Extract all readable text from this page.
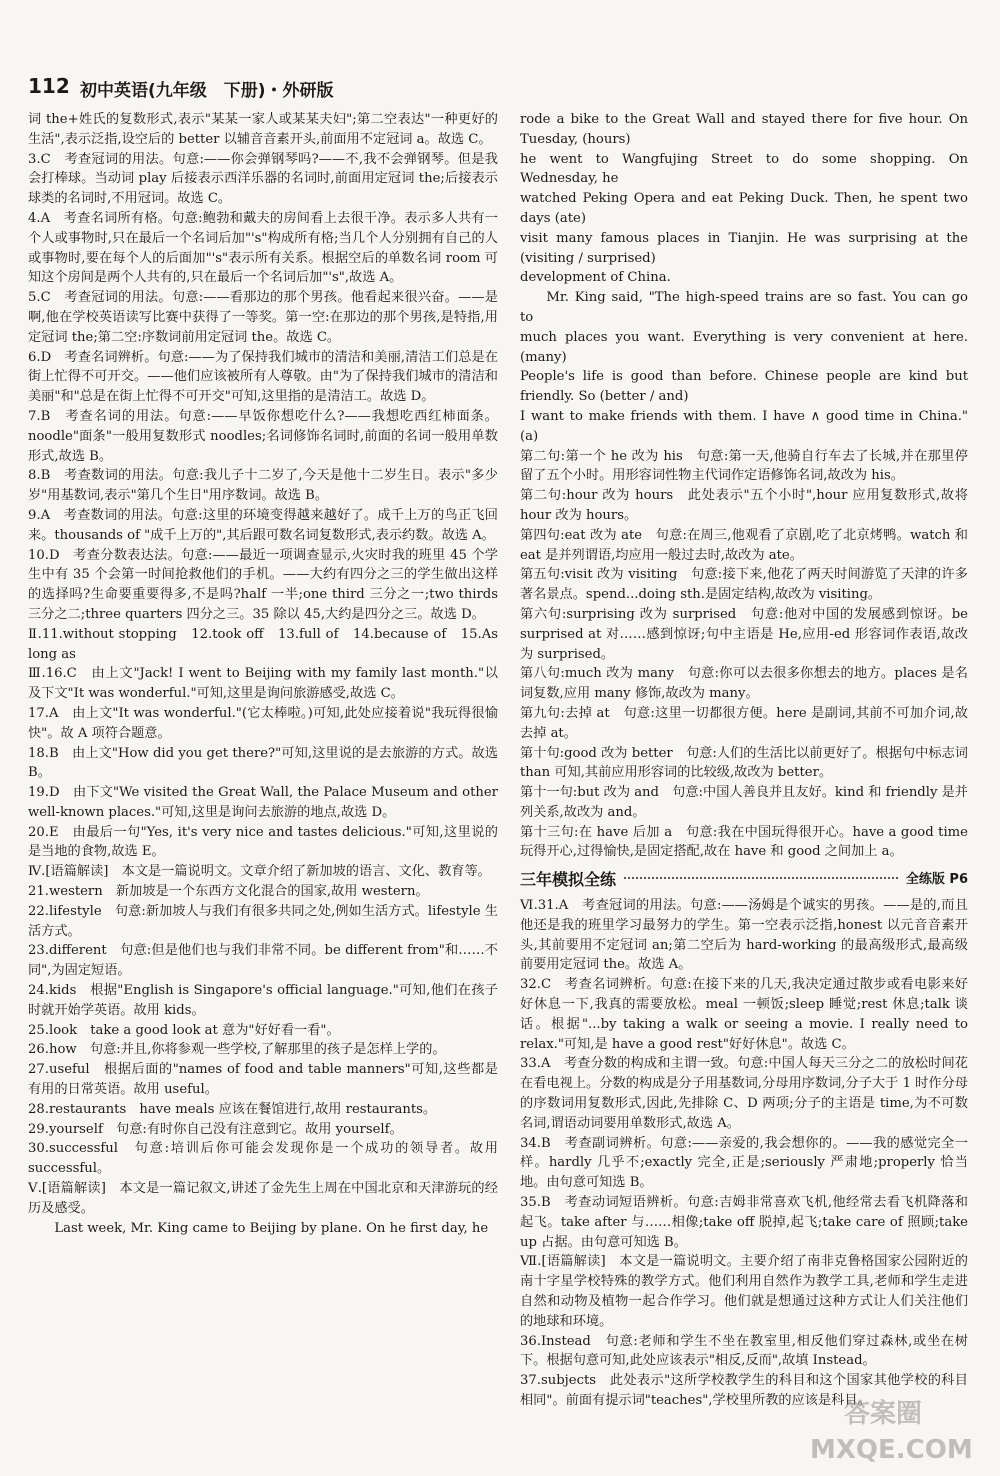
112 初中英语(九年级　下册)・外研版

词 the+姓氏的复数形式,表示"某某一家人或某某夫妇";第二空表达"一种更好的生活",表示泛指,设空后的 better 以辅音音素开头,前面用不定冠词 a。故选 C。

3.C　考查冠词的用法。句意:——你会弹钢琴吗?——不,我不会弹钢琴。但是我会打棒球。当动词 play 后接表示西洋乐器的名词时,前面用定冠词 the;后接表示球类的名词时,不用冠词。故选 C。

4.A　考查名词所有格。句意:鲍勃和戴夫的房间看上去很干净。表示多人共有一个人或事物时,只在最后一个名词后加"'s"构成所有格;当几个人分别拥有自己的人或事物时,要在每个人的后面加"'s"表示所有关系。根据空后的单数名词 room 可知这个房间是两个人共有的,只在最后一个名词后加"'s",故选 A。

5.C　考查冠词的用法。句意:——看那边的那个男孩。他看起来很兴奋。——是啊,他在学校英语读写比赛中获得了一等奖。第一空:在那边的那个男孩,是特指,用定冠词 the;第二空:序数词前用定冠词 the。故选 C。

6.D　考查名词辨析。句意:——为了保持我们城市的清洁和美丽,清洁工们总是在街上忙得不可开交。——他们应该被所有人尊敬。由"为了保持我们城市的清洁和美丽"和"总是在街上忙得不可开交"可知,这里指的是清洁工。故选 D。

7.B　考查名词的用法。句意:——早饭你想吃什么?——我想吃西红柿面条。noodle"面条"一般用复数形式 noodles;名词修饰名词时,前面的名词一般用单数形式,故选 B。

8.B　考查数词的用法。句意:我儿子十二岁了,今天是他十二岁生日。表示"多少岁"用基数词,表示"第几个生日"用序数词。故选 B。

9.A　考查数词的用法。句意:这里的环境变得越来越好了。成千上万的鸟正飞回来。thousands of "成千上万的",其后跟可数名词复数形式,表示约数。故选 A。

10.D　考查分数表达法。句意:——最近一项调查显示,火灾时我的班里 45 个学生中有 35 个会第一时间抢救他们的手机。——大约有四分之三的学生做出这样的选择吗?生命要重要得多,不是吗?half 一半;one third 三分之一;two thirds 三分之二;three quarters 四分之三。35 除以 45,大约是四分之三。故选 D。

Ⅱ.11.without stopping　12.took off　13.full of　14.because of　15.As long as

Ⅲ.16.C　由上文"Jack! I went to Beijing with my family last month."以及下文"It was wonderful."可知,这里是询问旅游感受,故选 C。

17.A　由上文"It was wonderful."(它太棒啦。)可知,此处应接着说"我玩得很愉快"。故 A 项符合题意。

18.B　由上文"How did you get there?"可知,这里说的是去旅游的方式。故选 B。

19.D　由下文"We visited the Great Wall, the Palace Museum and other well-known places."可知,这里是询问去旅游的地点,故选 D。

20.E　由最后一句"Yes, it's very nice and tastes delicious."可知,这里说的是当地的食物,故选 E。

Ⅳ.[语篇解读]　本文是一篇说明文。文章介绍了新加坡的语言、文化、教育等。

21.western　新加坡是一个东西方文化混合的国家,故用 western。

22.lifestyle　句意:新加坡人与我们有很多共同之处,例如生活方式。lifestyle 生活方式。

23.different　句意:但是他们也与我们非常不同。be different from"和……不同",为固定短语。

24.kids　根据"English is Singapore's official language."可知,他们在孩子时就开始学英语。故用 kids。

25.look　take a good look at 意为"好好看一看"。

26.how　句意:并且,你将参观一些学校,了解那里的孩子是怎样上学的。

27.useful　根据后面的"names of food and table manners"可知,这些都是有用的日常英语。故用 useful。

28.restaurants　have meals 应该在餐馆进行,故用 restaurants。

29.yourself　句意:有时你自己没有注意到它。故用 yourself。

30.successful　句意:培训后你可能会发现你是一个成功的领导者。故用 successful。

Ⅴ.[语篇解读]　本文是一篇记叙文,讲述了金先生上周在中国北京和天津游玩的经历及感受。

Last week, Mr. King came to Beijing by plane. On he first day, he

rode a bike to the Great Wall and stayed there for five hour. On Tuesday, (hours)

he went to Wangfujing Street to do some shopping. On Wednesday, he

watched Peking Opera and eat Peking Duck. Then, he spent two days (ate)

visit many famous places in Tianjin. He was surprising at the (visiting / surprised)

development of China.

Mr. King said, "The high-speed trains are so fast. You can go to

much places you want. Everything is very convenient at here. (many)

People's life is good than before. Chinese people are kind but friendly. So (better / and)

I want to make friends with them. I have ∧ good time in China." (a)

第二句:第一个 he 改为 his　句意:第一天,他骑自行车去了长城,并在那里停留了五个小时。用形容词性物主代词作定语修饰名词,故改为 his。

第二句:hour 改为 hours　此处表示"五个小时",hour 应用复数形式,故将 hour 改为 hours。

第四句:eat 改为 ate　句意:在周三,他观看了京剧,吃了北京烤鸭。watch 和 eat 是并列谓语,均应用一般过去时,故改为 ate。

第五句:visit 改为 visiting　句意:接下来,他花了两天时间游览了天津的许多著名景点。spend...doing sth.是固定结构,故改为 visiting。

第六句:surprising 改为 surprised　句意:他对中国的发展感到惊讶。be surprised at 对……感到惊讶;句中主语是 He,应用-ed 形容词作表语,故改为 surprised。

第八句:much 改为 many　句意:你可以去很多你想去的地方。places 是名词复数,应用 many 修饰,故改为 many。

第九句:去掉 at　句意:这里一切都很方便。here 是副词,其前不可加介词,故去掉 at。

第十句:good 改为 better　句意:人们的生活比以前更好了。根据句中标志词 than 可知,其前应用形容词的比较级,故改为 better。

第十一句:but 改为 and　句意:中国人善良并且友好。kind 和 friendly 是并列关系,故改为 and。

第十三句:在 have 后加 a　句意:我在中国玩得很开心。have a good time 玩得开心,过得愉快,是固定搭配,故在 have 和 good 之间加上 a。

三年模拟全练	全练版 P6

Ⅵ.31.A　考查冠词的用法。句意:——汤姆是个诚实的男孩。——是的,而且他还是我的班里学习最努力的学生。第一空表示泛指,honest 以元音音素开头,其前要用不定冠词 an;第二空后为 hard-working 的最高级形式,最高级前要用定冠词 the。故选 A。

32.C　考查名词辨析。句意:在接下来的几天,我决定通过散步或看电影来好好休息一下,我真的需要放松。meal 一顿饭;sleep 睡觉;rest 休息;talk 谈话。根据"...by taking a walk or seeing a movie. I really need to relax."可知,是 have a good rest"好好休息"。故选 C。

33.A　考查分数的构成和主谓一致。句意:中国人每天三分之二的放松时间花在看电视上。分数的构成是分子用基数词,分母用序数词,分子大于 1 时作分母的序数词用复数形式,因此,先排除 C、D 两项;分子的主语是 time,为不可数名词,谓语动词要用单数形式,故选 A。

34.B　考查副词辨析。句意:——亲爱的,我会想你的。——我的感觉完全一样。hardly 几乎不;exactly 完全,正是;seriously 严肃地;properly 恰当地。由句意可知选 B。

35.B　考查动词短语辨析。句意:吉姆非常喜欢飞机,他经常去看飞机降落和起飞。take after 与……相像;take off 脱掉,起飞;take care of 照顾;take up 占据。由句意可知选 B。

Ⅶ.[语篇解读]　本文是一篇说明文。主要介绍了南非克鲁格国家公园附近的南十字星学校特殊的教学方式。他们利用自然作为教学工具,老师和学生走进自然和动物及植物一起合作学习。他们就是想通过这种方式让人们关注他们的地球和环境。

36.Instead　句意:老师和学生不坐在教室里,相反他们穿过森林,或坐在树下。根据句意可知,此处应该表示"相反,反而",故填 Instead。

37.subjects　此处表示"这所学校教学生的科目和这个国家其他学校的科目相同"。前面有提示词"teaches",学校里所教的应该是科目。

答案圈
MXQE.COM
